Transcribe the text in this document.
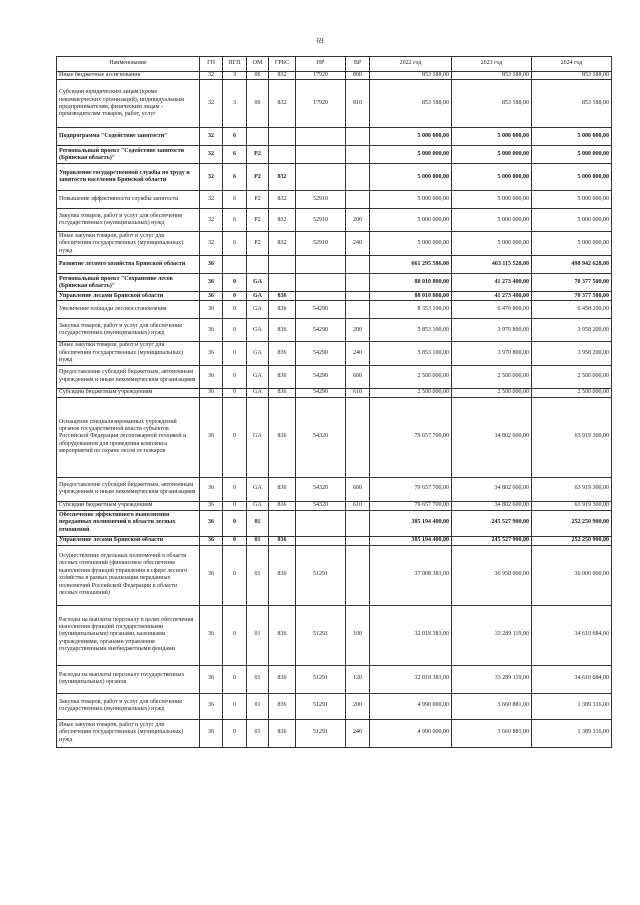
69
Наименование	ГП	ПГП	ОМ	ГРБС	НР	ВР	2022 год	2023 год	2024 год
Иные бюджетные ассигнования	32	3	06	832	17920	800	853 188,00	853 188,00	853 188,00
Субсидии юридическим лицам (кроме некоммерческих организаций), индивидуальным предпринимателям, физическим лицам - производителям товаров, работ, услуг	32	3	06	832	17920	810	853 188,00	853 188,00	853 188,00
Подпрограмма "Содействие занятости"	32	6					5 000 000,00	5 000 000,00	5 000 000,00
Региональный проект "Содействие занятости (Брянская область)"	32	6	P2				5 000 000,00	5 000 000,00	5 000 000,00
Управление государственной службы по труду и занятости населения Брянской области	32	6	P2	832			5 000 000,00	5 000 000,00	5 000 000,00
Повышение эффективности службы занятости	32	6	P2	832	52910		5 000 000,00	5 000 000,00	5 000 000,00
Закупка товаров, работ и услуг для обеспечения государственных (муниципальных) нужд	32	6	P2	832	52910	200	5 000 000,00	5 000 000,00	5 000 000,00
Иные закупки товаров, работ и услуг для обеспечения государственных (муниципальных) нужд	32	6	P2	832	52910	240	5 000 000,00	5 000 000,00	5 000 000,00
Развитие лесного хозяйства Брянской области	36						661 295 586,00	463 115 528,00	498 942 628,00
Региональный проект "Сохранение лесов (Брянская область)"	36	0	GA				88 010 800,00	41 273 400,00	70 377 500,00
Управление лесами Брянской области	36	0	GA	836			88 010 800,00	41 273 400,00	70 377 500,00
Увеличение площади лесовосстановления	36	0	GA	836	54290		8 353 100,00	6 470 800,00	6 458 200,00
Закупка товаров, работ и услуг для обеспечения государственных (муниципальных) нужд	36	0	GA	836	54290	200	5 853 100,00	3 970 800,00	3 958 200,00
Иные закупки товаров, работ и услуг для обеспечения государственных (муниципальных) нужд	36	0	GA	836	54290	240	5 853 100,00	3 970 800,00	3 958 200,00
Предоставление субсидий бюджетным, автономным учреждениям и иным некоммерческим организациям	36	0	GA	836	54290	600	2 500 000,00	2 500 000,00	2 500 000,00
Субсидии бюджетным учреждениям	36	0	GA	836	54290	610	2 500 000,00	2 500 000,00	2 500 000,00
Оснащение специализированных учреждений органов государственной власти субъектов Российской Федерации лесопожарной техникой и оборудованием для проведения комплекса мероприятий по охране лесов от пожаров	36	0	GA	836	54320		79 657 700,00	34 802 600,00	63 919 300,00
Предоставление субсидий бюджетным, автономным учреждениям и иным некоммерческим организациям	36	0	GA	836	54320	600	79 657 700,00	34 802 600,00	63 919 300,00
Субсидии бюджетным учреждениям	36	0	GA	836	54320	610	79 657 700,00	34 802 600,00	63 919 300,00
Обеспечение эффективного выполнения переданных полномочий в области лесных отношений	36	0	01				385 194 400,00	245 527 900,00	252 250 900,00
Управление лесами Брянской области	36	0	01	836			385 194 400,00	245 527 900,00	252 250 900,00
Осуществление отдельных полномочий в области лесных отношений (финансовое обеспечение выполнения функций управления в сфере лесного хозяйства в рамках реализации переданных полномочий Российской Федерации в области лесных отношений)	36	0	01	836	51291		37 008 383,00	36 950 000,00	36 000 000,00
Расходы на выплаты персоналу в целях обеспечения выполнения функций государственными (муниципальными) органами, казенными учреждениями, органами управления государственными внебюджетными фондами	36	0	01	836	51291	100	32 018 383,00	33 289 119,00	34 610 684,00
Расходы на выплаты персоналу государственных (муниципальных) органов	36	0	01	836	51291	120	32 018 383,00	33 289 119,00	34 610 684,00
Закупка товаров, работ и услуг для обеспечения государственных (муниципальных) нужд	36	0	01	836	51291	200	4 990 000,00	3 660 881,00	1 389 316,00
Иные закупки товаров, работ и услуг для обеспечения государственных (муниципальных) нужд	36	0	01	836	51291	240	4 990 000,00	3 660 881,00	1 389 316,00
